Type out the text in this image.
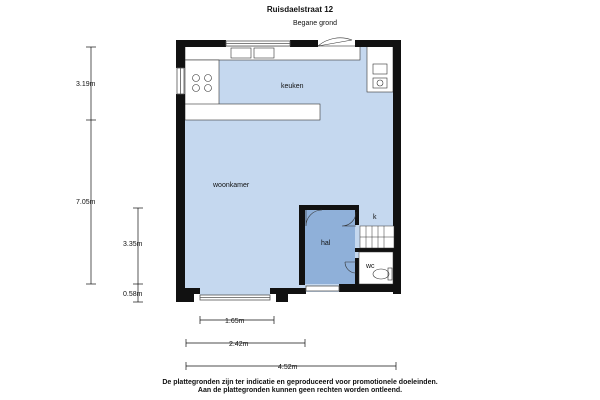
Ruisdaelstraat 12
Begane grond
keuken
woonkamer
hal
k
wc
3.19m
7.05m
3.35m
0.58m
1.65m
2.42m
4.52m
De plattegronden zijn ter indicatie en geproduceerd voor promotionele doeleinden.
Aan de plattegronden kunnen geen rechten worden ontleend.
